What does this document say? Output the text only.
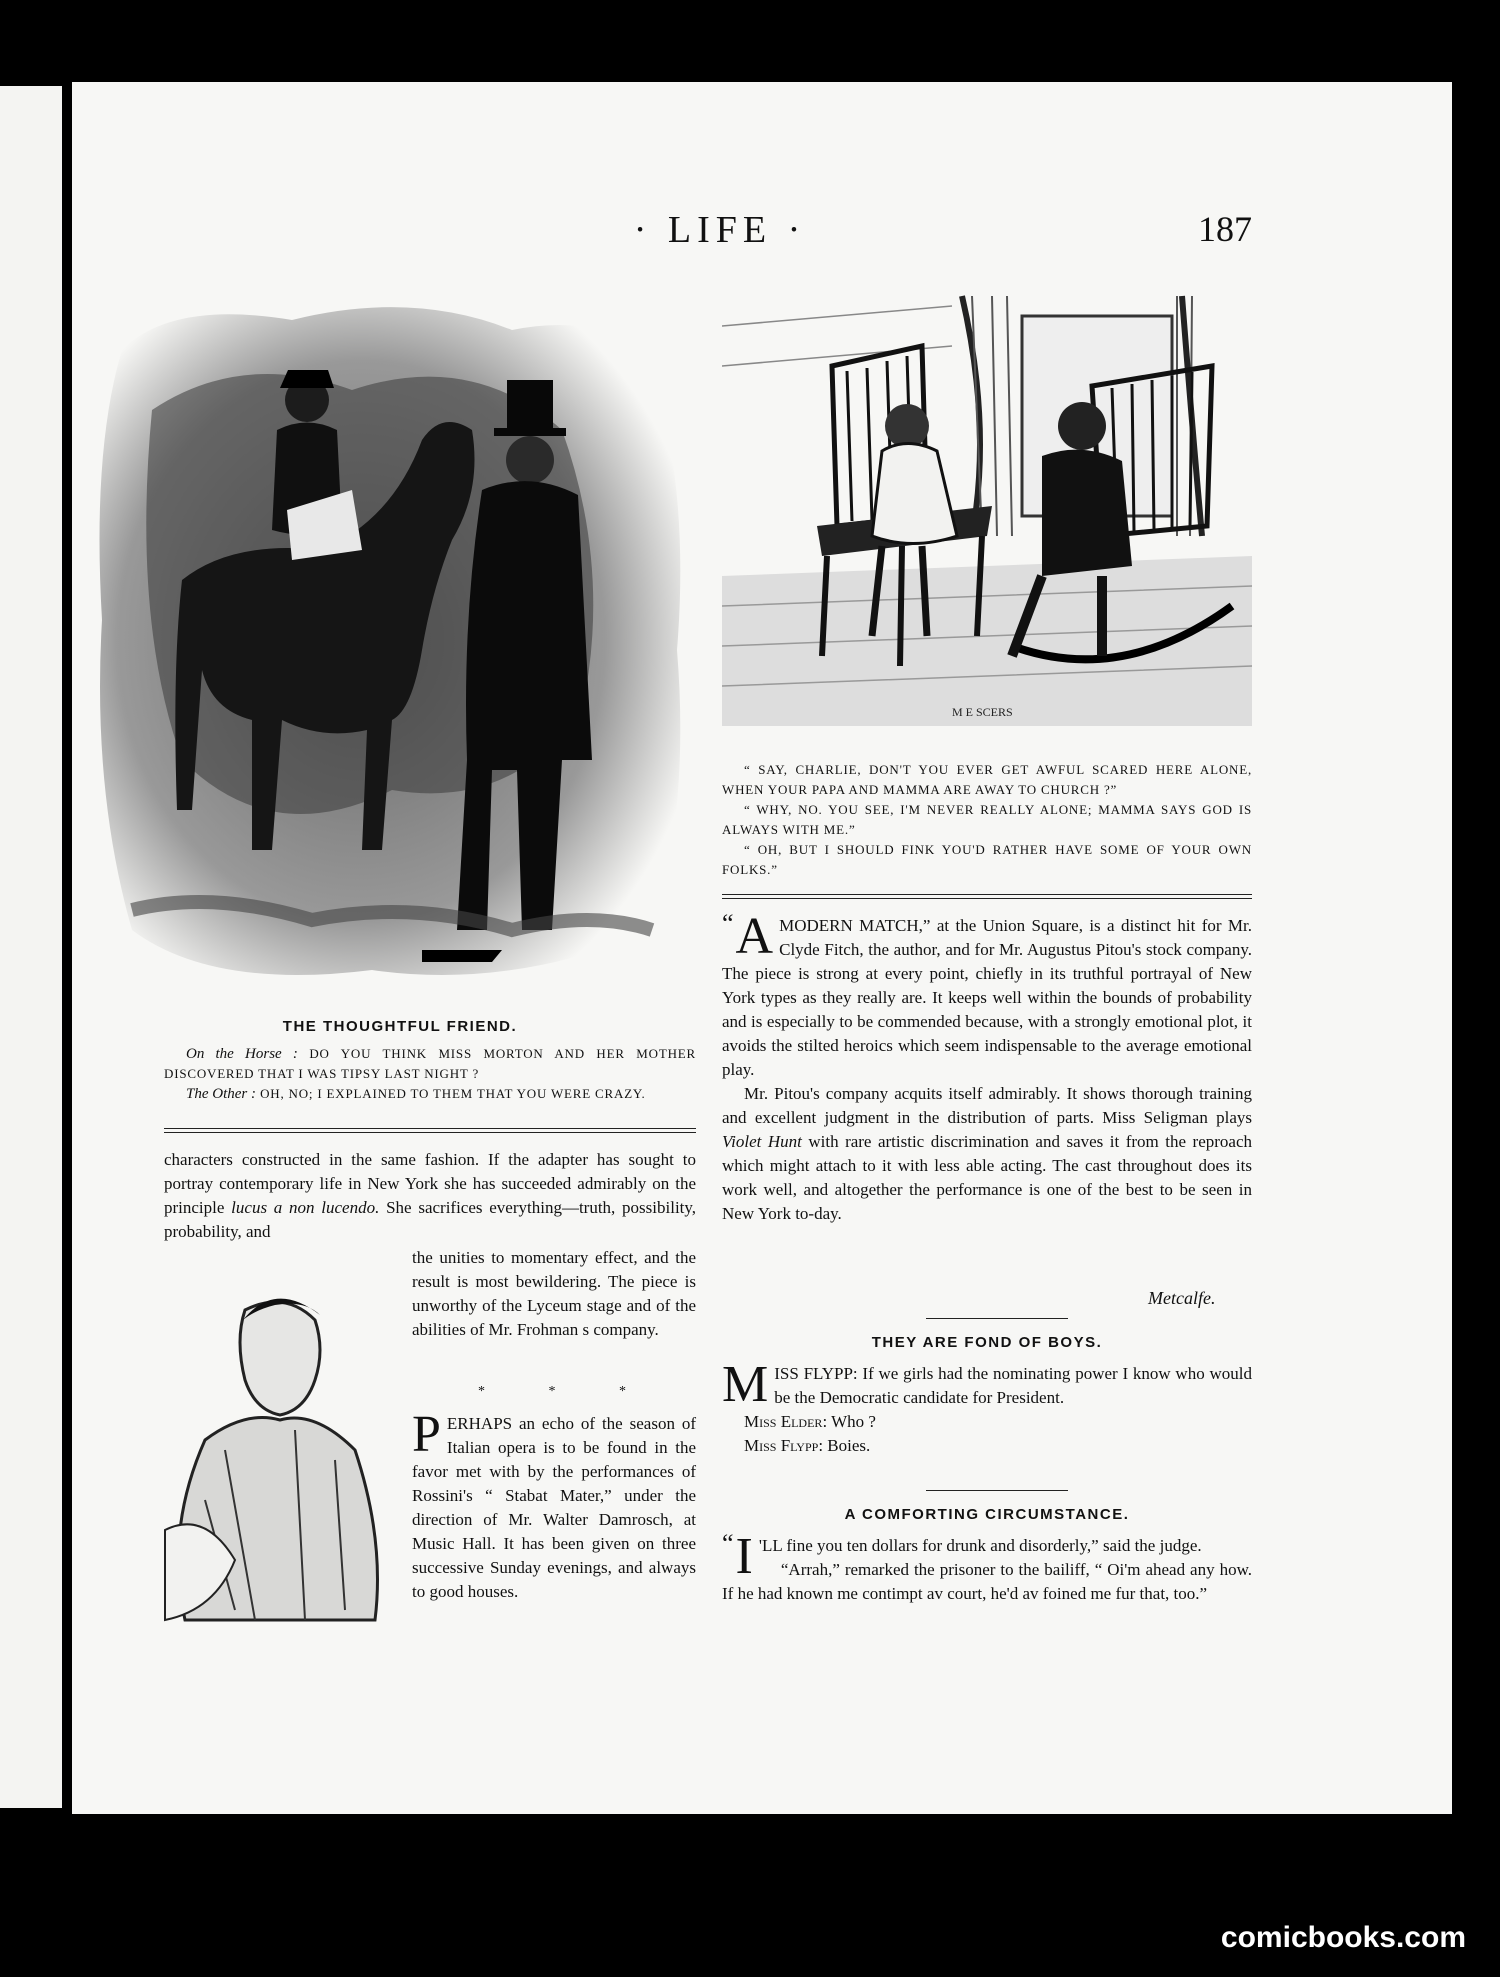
· LIFE ·	187
THE THOUGHTFUL FRIEND.

On the Horse : DO YOU THINK MISS MORTON AND HER MOTHER DISCOVERED THAT I WAS TIPSY LAST NIGHT ?

The Other : OH, NO; I EXPLAINED TO THEM THAT YOU WERE CRAZY.

characters constructed in the same fashion. If the adapter has sought to portray contemporary life in New York she has succeeded admirably on the principle lucus a non lucendo. She sacrifices everything—truth, possibility, probability, and

the unities to momentary effect, and the result is most bewildering. The piece is unworthy of the Lyceum stage and of the abilities of Mr. Frohman s company.
* * *
PERHAPS an echo of the season of Italian opera is to be found in the favor met with by the performances of Rossini's “ Stabat Mater,” under the direction of Mr. Walter Damrosch, at Music Hall. It has been given on three successive Sunday evenings, and always to good houses.
M E SCERS

“ SAY, CHARLIE, DON'T YOU EVER GET AWFUL SCARED HERE ALONE, WHEN YOUR PAPA AND MAMMA ARE AWAY TO CHURCH ?”

“ WHY, NO. YOU SEE, I'M NEVER REALLY ALONE; MAMMA SAYS GOD IS ALWAYS WITH ME.”

“ OH, BUT I SHOULD FINK YOU'D RATHER HAVE SOME OF YOUR OWN FOLKS.”

“ A MODERN MATCH,” at the Union Square, is a distinct hit for Mr. Clyde Fitch, the author, and for Mr. Augustus Pitou's stock company. The piece is strong at every point, chiefly in its truthful portrayal of New York types as they really are. It keeps well within the bounds of probability and is especially to be commended because, with a strongly emotional plot, it avoids the stilted heroics which seem indispensable to the average emotional play.

Mr. Pitou's company acquits itself admirably. It shows thorough training and excellent judgment in the distribution of parts. Miss Seligman plays Violet Hunt with rare artistic discrimination and saves it from the reproach which might attach to it with less able acting. The cast throughout does its work well, and altogether the performance is one of the best to be seen in New York to-day.

Metcalfe.
THEY ARE FOND OF BOYS.

MISS FLYPP: If we girls had the nominating power I know who would be the Democratic candidate for President.

Miss Elder: Who ?

Miss Flypp: Boies.

A COMFORTING CIRCUMSTANCE.

“ I 'LL fine you ten dollars for drunk and disorderly,” said the judge.

“Arrah,” remarked the prisoner to the bailiff, “ Oi'm ahead any how. If he had known me contimpt av court, he'd av foined me fur that, too.”

comicbooks.com
